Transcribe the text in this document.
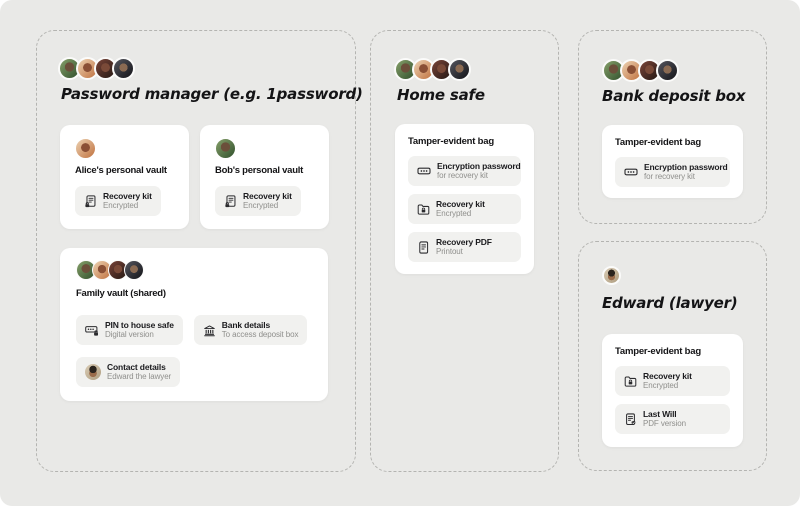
Password manager (e.g. 1password)
Alice's personal vault
Recovery kit
Encrypted
Bob's personal vault
Recovery kit
Encrypted
Family vault (shared)
PIN to house safe
Digital version
Bank details
To access deposit box
Contact details
Edward the lawyer
Home safe
Tamper-evident bag
Encryption password
for recovery kit
Recovery kit
Encrypted
Recovery PDF
Printout
Bank deposit box
Tamper-evident bag
Encryption password
for recovery kit
Edward (lawyer)
Tamper-evident bag
Recovery kit
Encrypted
Last Will
PDF version
